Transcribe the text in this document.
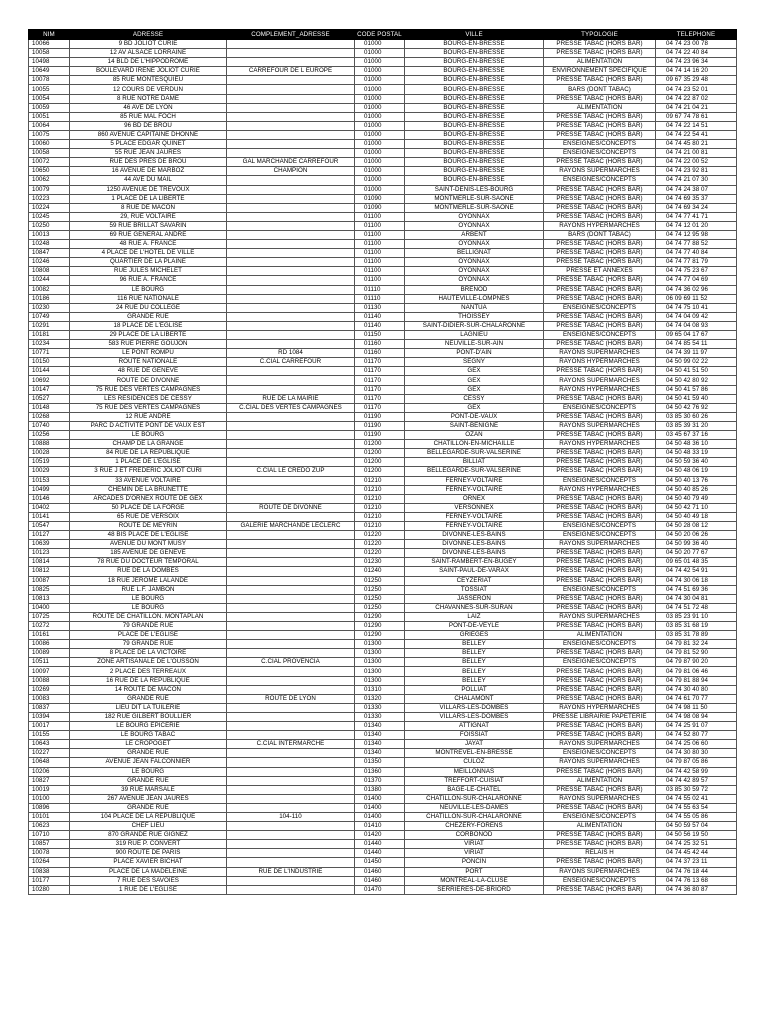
NIM	ADRESSE	COMPLEMENT_ADRESSE	CODE POSTAL	VILLE	TYPOLOGIE	TELEPHONE
10066	9 BD JOLIOT CURIE		01000	BOURG-EN-BRESSE	PRESSE TABAC (HORS BAR)	04 74 23 00 78
10058	12 AV ALSACE LORRAINE		01000	BOURG-EN-BRESSE	PRESSE TABAC (HORS BAR)	04 74 22 40 84
10498	14 BLD DE L'HIPPODROME		01000	BOURG-EN-BRESSE	ALIMENTATION	04 74 23 96 34
10649	BOULEVARD IRENE JOLIOT CURIE	CARREFOUR DE L EUROPE	01000	BOURG-EN-BRESSE	ENVIRONNEMENT SPECIFIQUE	04 74 14 16 20
10078	85 RUE MONTESQUIEU		01000	BOURG-EN-BRESSE	PRESSE TABAC (HORS BAR)	09 67 35 29 48
10055	12 COURS DE VERDUN		01000	BOURG-EN-BRESSE	BARS (DONT TABAC)	04 74 23 52 01
10054	8 RUE NOTRE DAME		01000	BOURG-EN-BRESSE	PRESSE TABAC (HORS BAR)	04 74 22 87 02
10059	46 AVE DE LYON		01000	BOURG-EN-BRESSE	ALIMENTATION	04 74 21 04 21
10051	85 RUE MAL FOCH		01000	BOURG-EN-BRESSE	PRESSE TABAC (HORS BAR)	09 67 74 78 61
10064	96 BD DE BROU		01000	BOURG-EN-BRESSE	PRESSE TABAC (HORS BAR)	04 74 22 14 51
10075	860 AVENUE CAPITAINE DHONNE		01000	BOURG-EN-BRESSE	PRESSE TABAC (HORS BAR)	04 74 22 54 41
10060	5 PLACE EDGAR QUINET		01000	BOURG-EN-BRESSE	ENSEIGNES/CONCEPTS	04 74 45 80 21
10058	55 RUE JEAN JAURES		01000	BOURG-EN-BRESSE	ENSEIGNES/CONCEPTS	04 74 21 00 81
10072	RUE DES PRES DE BROU	GAL MARCHANDE CARREFOUR	01000	BOURG-EN-BRESSE	PRESSE TABAC (HORS BAR)	04 74 22 00 52
10650	16 AVENUE DE MARBOZ	CHAMPION	01000	BOURG-EN-BRESSE	RAYONS SUPERMARCHES	04 74 23 92 81
10062	44 AVE DU MAIL		01000	BOURG-EN-BRESSE	ENSEIGNES/CONCEPTS	04 74 21 07 30
10079	1250 AVENUE DE TREVOUX		01000	SAINT-DENIS-LES-BOURG	PRESSE TABAC (HORS BAR)	04 74 24 38 07
10223	1 PLACE DE LA LIBERTE		01090	MONTMERLE-SUR-SAONE	PRESSE TABAC (HORS BAR)	04 74 69 35 37
10224	8 RUE DE MACON		01090	MONTMERLE-SUR-SAONE	PRESSE TABAC (HORS BAR)	04 74 69 34 24
10245	29, RUE VOLTAIRE		01100	OYONNAX	PRESSE TABAC (HORS BAR)	04 74 77 41 71
10250	59 RUE BRILLAT SAVARIN		01100	OYONNAX	RAYONS HYPERMARCHES	04 74 12 01 20
10013	69 RUE GENERAL ANDRE		01100	ARBENT	BARS (DONT TABAC)	04 74 12 95 98
10248	48 RUE A. FRANCE		01100	OYONNAX	PRESSE TABAC (HORS BAR)	04 74 77 88 52
10847	4 PLACE DE L'HOTEL DE VILLE		01100	BELLIGNAT	PRESSE TABAC (HORS BAR)	04 74 77 40 84
10246	QUARTIER DE LA PLAINE		01100	OYONNAX	PRESSE TABAC (HORS BAR)	04 74 77 81 79
10808	RUE JULES MICHELET		01100	OYONNAX	PRESSE ET ANNEXES	04 74 75 23 67
10244	96 RUE A. FRANCE		01100	OYONNAX	PRESSE TABAC (HORS BAR)	04 74 77 04 69
10082	LE BOURG		01110	BRENOD	PRESSE TABAC (HORS BAR)	04 74 36 02 96
10186	116 RUE NATIONALE		01110	HAUTEVILLE-LOMPNES	PRESSE TABAC (HORS BAR)	06 09 69 11 52
10230	24 RUE DU COLLEGE		01130	NANTUA	ENSEIGNES/CONCEPTS	04 74 75 10 41
10749	GRANDE RUE		01140	THOISSEY	PRESSE TABAC (HORS BAR)	04 74 04 09 42
10291	18 PLACE DE L'EGLISE		01140	SAINT-DIDIER-SUR-CHALARONNE	PRESSE TABAC (HORS BAR)	04 74 04 08 93
10181	29 PLACE DE LA LIBERTE		01150	LAGNIEU	ENSEIGNES/CONCEPTS	09 65 04 17 67
10234	583 RUE PIERRE GOUJON		01160	NEUVILLE-SUR-AIN	PRESSE TABAC (HORS BAR)	04 74 85 54 11
10771	LE PONT ROMPU	RD 1084	01160	PONT-D'AIN	RAYONS SUPERMARCHES	04 74 39 11 97
10150	ROUTE NATIONALE	C.CIAL CARREFOUR	01170	SEGNY	RAYONS HYPERMARCHES	04 50 99 02 22
10144	48 RUE DE GENEVE		01170	GEX	PRESSE TABAC (HORS BAR)	04 50 41 51 50
10692	ROUTE DE DIVONNE		01170	GEX	RAYONS SUPERMARCHES	04 50 42 80 92
10147	75 RUE DES VERTES CAMPAGNES		01170	GEX	RAYONS HYPERMARCHES	04 50 41 57 86
10527	LES RESIDENCES DE CESSY	RUE DE LA MAIRIE	01170	CESSY	PRESSE TABAC (HORS BAR)	04 50 41 59 40
10148	75 RUE DES VERTES CAMPAGNES	C.CIAL DES VERTES CAMPAGNES	01170	GEX	ENSEIGNES/CONCEPTS	04 50 42 76 92
10268	12 RUE ANDRE		01190	PONT-DE-VAUX	PRESSE TABAC (HORS BAR)	03 85 30 60 26
10740	PARC D ACTIVITE PONT DE VAUX EST		01190	SAINT-BENIGNE	RAYONS SUPERMARCHES	03 85 39 31 20
10256	LE BOURG		01190	OZAN	PRESSE TABAC (HORS BAR)	03 45 67 37 16
10888	CHAMP DE LA GRANGE		01200	CHATILLON-EN-MICHAILLE	RAYONS HYPERMARCHES	04 50 48 36 10
10028	84 RUE DE LA REPUBLIQUE		01200	BELLEGARDE-SUR-VALSERINE	PRESSE TABAC (HORS BAR)	04 50 48 33 19
10519	1 PLACE DE L'EGLISE		01200	BILLIAT	PRESSE TABAC (HORS BAR)	04 50 59 36 40
10029	3 RUE J ET FREDERIC JOLIOT CURI	C.CIAL LE CREDO ZUP	01200	BELLEGARDE-SUR-VALSERINE	PRESSE TABAC (HORS BAR)	04 50 48 06 19
10153	33 AVENUE VOLTAIRE		01210	FERNEY-VOLTAIRE	ENSEIGNES/CONCEPTS	04 50 40 13 76
10499	CHEMIN DE LA BRUNETTE		01210	FERNEY-VOLTAIRE	RAYONS HYPERMARCHES	04 50 40 85 26
10146	ARCADES D'ORNEX ROUTE DE GEX		01210	ORNEX	PRESSE TABAC (HORS BAR)	04 50 40 79 49
10402	50 PLACE DE LA FORGE	ROUTE DE DIVONNE	01210	VERSONNEX	PRESSE TABAC (HORS BAR)	04 50 42 71 10
10141	65 RUE DE VERSOIX		01210	FERNEY-VOLTAIRE	PRESSE TABAC (HORS BAR)	04 50 40 49 18
10547	ROUTE DE MEYRIN	GALERIE MARCHANDE LECLERC	01210	FERNEY-VOLTAIRE	ENSEIGNES/CONCEPTS	04 50 28 08 12
10127	48 BIS PLACE DE L'EGLISE		01220	DIVONNE-LES-BAINS	ENSEIGNES/CONCEPTS	04 50 20 06 26
10639	AVENUE DU MONT MUSY		01220	DIVONNE-LES-BAINS	RAYONS SUPERMARCHES	04 50 99 36 40
10123	185 AVENUE DE GENEVE		01220	DIVONNE-LES-BAINS	PRESSE TABAC (HORS BAR)	04 50 20 77 67
10814	78 RUE DU DOCTEUR TEMPORAL		01230	SAINT-RAMBERT-EN-BUGEY	PRESSE TABAC (HORS BAR)	09 65 01 48 35
10812	RUE DE LA DOMBES		01240	SAINT-PAUL-DE-VARAX	PRESSE TABAC (HORS BAR)	04 74 42 54 91
10087	18 RUE JEROME LALANDE		01250	CEYZERIAT	PRESSE TABAC (HORS BAR)	04 74 30 06 18
10825	RUE L.F. JAMBON		01250	TOSSIAT	ENSEIGNES/CONCEPTS	04 74 51 69 36
10813	LE BOURG		01250	JASSERON	PRESSE TABAC (HORS BAR)	04 74 30 04 81
10400	LE BOURG		01250	CHAVANNES-SUR-SURAN	PRESSE TABAC (HORS BAR)	04 74 51 72 48
10725	ROUTE DE CHATILLON. MONTAPLAN		01290	LAIZ	RAYONS SUPERMARCHES	03 85 23 91 10
10272	79 GRANDE RUE		01290	PONT-DE-VEYLE	PRESSE TABAC (HORS BAR)	03 85 31 68 19
10161	PLACE DE L'EGLISE		01290	GRIEGES	ALIMENTATION	03 85 31 78 89
10086	79 GRANDE RUE		01300	BELLEY	ENSEIGNES/CONCEPTS	04 79 81 32 24
10089	8 PLACE DE LA VICTOIRE		01300	BELLEY	PRESSE TABAC (HORS BAR)	04 79 81 52 90
10511	ZONE ARTISANALE DE L'OUSSON	C.CIAL PROVENCIA	01300	BELLEY	ENSEIGNES/CONCEPTS	04 79 87 90 20
10097	2 PLACE DES TERREAUX		01300	BELLEY	PRESSE TABAC (HORS BAR)	04 79 81 06 46
10088	16 RUE DE LA REPUBLIQUE		01300	BELLEY	PRESSE TABAC (HORS BAR)	04 79 81 88 94
10269	14 ROUTE DE MACON		01310	POLLIAT	PRESSE TABAC (HORS BAR)	04 74 30 40 80
10083	GRANDE RUE	ROUTE DE LYON	01320	CHALAMONT	PRESSE TABAC (HORS BAR)	04 74 61 70 77
10837	LIEU DIT LA TUILERIE		01330	VILLARS-LES-DOMBES	RAYONS HYPERMARCHES	04 74 98 11 50
10394	182 RUE GILBERT BOULLIER		01330	VILLARS-LES-DOMBES	PRESSE LIBRAIRIE PAPETERIE	04 74 98 08 94
10017	LE BOURG EPICERIE		01340	ATTIGNAT	PRESSE TABAC (HORS BAR)	04 74 25 91 07
10155	LE BOURG TABAC		01340	FOISSIAT	PRESSE TABAC (HORS BAR)	04 74 52 80 77
10643	LE CROPOGET	C.CIAL INTERMARCHE	01340	JAYAT	RAYONS SUPERMARCHES	04 74 25 06 60
10227	GRANDE RUE		01340	MONTREVEL-EN-BRESSE	ENSEIGNES/CONCEPTS	04 74 30 80 30
10648	AVENUE JEAN FALCONNIER		01350	CULOZ	RAYONS SUPERMARCHES	04 79 87 05 86
10206	LE BOURG		01360	MEILLONNAS	PRESSE TABAC (HORS BAR)	04 74 42 58 99
10827	GRANDE RUE		01370	TREFFORT-CUISIAT	ALIMENTATION	04 74 42 89 57
10019	39 RUE MARSALE		01380	BAGE-LE-CHATEL	PRESSE TABAC (HORS BAR)	03 85 30 59 72
10100	267 AVENUE JEAN JAURES		01400	CHATILLON-SUR-CHALARONNE	RAYONS SUPERMARCHES	04 74 55 02 41
10896	GRANDE RUE		01400	NEUVILLE-LES-DAMES	PRESSE TABAC (HORS BAR)	04 74 55 63 54
10101	104 PLACE DE LA REPUBLIQUE	104-110	01400	CHATILLON-SUR-CHALARONNE	ENSEIGNES/CONCEPTS	04 74 55 05 86
10623	CHEF LIEU		01410	CHEZERY-FORENS	ALIMENTATION	04 50 59 57 04
10710	870 GRANDE RUE GIGNEZ		01420	CORBONOD	PRESSE TABAC (HORS BAR)	04 50 56 19 50
10857	319 RUE P. CONVERT		01440	VIRIAT	PRESSE TABAC (HORS BAR)	04 74 25 32 51
10078	900 ROUTE DE PARIS		01440	VIRIAT	RELAIS H	04 74 45 42 44
10264	PLACE XAVIER BICHAT		01450	PONCIN	PRESSE TABAC (HORS BAR)	04 74 37 23 11
10838	PLACE DE LA MADELEINE	RUE DE L'INDUSTRIE	01460	PORT	RAYONS SUPERMARCHES	04 74 76 18 44
10177	7 RUE DES SAVOIES		01460	MONTREAL-LA-CLUSE	ENSEIGNES/CONCEPTS	04 74 76 13 68
10280	1 RUE DE L'EGLISE		01470	SERRIERES-DE-BRIORD	PRESSE TABAC (HORS BAR)	04 74 36 80 87
